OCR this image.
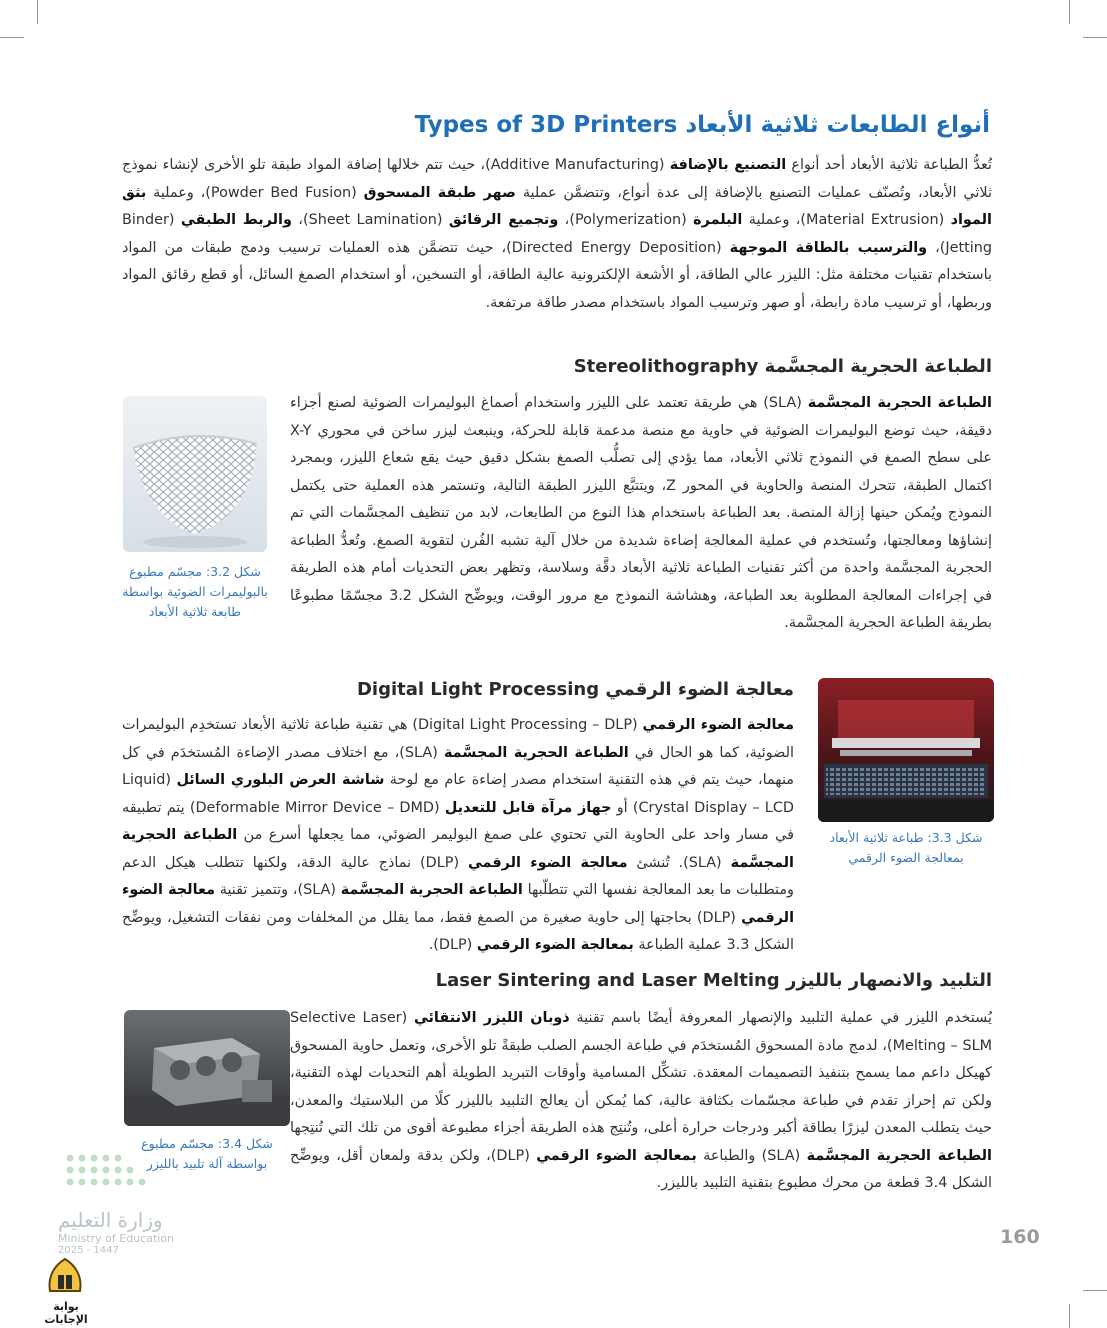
أنواع الطابعات ثلاثية الأبعاد Types of 3D Printers
تُعدُّ الطباعة ثلاثية الأبعاد أحد أنواع التصنيع بالإضافة (Additive Manufacturing)، حيث تتم خلالها إضافة المواد طبقة تلو الأخرى لإنشاء نموذج ثلاثي الأبعاد، وتُصنّف عمليات التصنيع بالإضافة إلى عدة أنواع، وتتضمَّن عملية صهر طبقة المسحوق (Powder Bed Fusion)، وعملية بثق المواد (Material Extrusion)، وعملية البلمرة (Polymerization)، وتجميع الرقائق (Sheet Lamination)، والربط الطبقي (Binder Jetting)، والترسيب بالطاقة الموجهة (Directed Energy Deposition)، حيث تتضمَّن هذه العمليات ترسيب ودمج طبقات من المواد باستخدام تقنيات مختلفة مثل: الليزر عالي الطاقة، أو الأشعة الإلكترونية عالية الطاقة، أو التسخين، أو استخدام الصمغ السائل، أو قطع رقائق المواد وربطها، أو ترسيب مادة رابطة، أو صهر وترسيب المواد باستخدام مصدر طاقة مرتفعة.
الطباعة الحجرية المجسَّمة Stereolithography
الطباعة الحجرية المجسَّمة (SLA) هي طريقة تعتمد على الليزر واستخدام أصماغ البوليمرات الضوئية لصنع أجزاء دقيقة، حيث توضع البوليمرات الضوئية في حاوية مع منصة مدعمة قابلة للحركة، وينبعث ليزر ساخن في محوري X-Y على سطح الصمغ في النموذج ثلاثي الأبعاد، مما يؤدي إلى تصلُّب الصمغ بشكل دقيق حيث يقع شعاع الليزر، وبمجرد اكتمال الطبقة، تتحرك المنصة والحاوية في المحور Z، ويتتبَّع الليزر الطبقة التالية، وتستمر هذه العملية حتى يكتمل النموذج ويُمكن حينها إزالة المنصة. بعد الطباعة باستخدام هذا النوع من الطابعات، لابد من تنظيف المجسَّمات التي تم إنشاؤها ومعالجتها، وتُستخدم في عملية المعالجة إضاءة شديدة من خلال آلية تشبه الفُرن لتقوية الصمغ. وتُعدُّ الطباعة الحجرية المجسَّمة واحدة من أكثر تقنيات الطباعة ثلاثية الأبعاد دقَّة وسلاسة، وتظهر بعض التحديات أمام هذه الطريقة في إجراءات المعالجة المطلوبة بعد الطباعة، وهشاشة النموذج مع مرور الوقت، ويوضِّح الشكل 3.2 مجسّمًا مطبوعًا بطريقة الطباعة الحجرية المجسَّمة.
شكل 3.2: مجسّم مطبوع بالبوليمرات الضوئية بواسطة طابعة ثلاثية الأبعاد
معالجة الضوء الرقمي Digital Light Processing
معالجة الضوء الرقمي (Digital Light Processing – DLP) هي تقنية طباعة ثلاثية الأبعاد تستخدِم البوليمرات الضوئية، كما هو الحال في الطباعة الحجرية المجسَّمة (SLA)، مع اختلاف مصدر الإضاءة المُستخدَم في كل منهما، حيث يتم في هذه التقنية استخدام مصدر إضاءة عام مع لوحة شاشة العرض البلوري السائل (Liquid Crystal Display – LCD) أو جهاز مرآة قابل للتعديل (Deformable Mirror Device – DMD) يتم تطبيقه في مسار واحد على الحاوية التي تحتوي على صمغ البوليمر الضوئي، مما يجعلها أسرع من الطباعة الحجرية المجسَّمة (SLA). تُنشئ معالجة الضوء الرقمي (DLP) نماذج عالية الدقة، ولكنها تتطلب هيكل الدعم ومتطلبات ما بعد المعالجة نفسها التي تتطلّبها الطباعة الحجرية المجسَّمة (SLA)، وتتميز تقنية معالجة الضوء الرقمي (DLP) بحاجتها إلى حاوية صغيرة من الصمغ فقط، مما يقلل من المخلفات ومن نفقات التشغيل، ويوضِّح الشكل 3.3 عملية الطباعة بمعالجة الضوء الرقمي (DLP).
شكل 3.3: طباعة ثلاثية الأبعاد بمعالجة الضوء الرقمي
التلبيد والانصهار بالليزر Laser Sintering and Laser Melting
يُستخدم الليزر في عملية التلبيد والإنصهار المعروفة أيضًا باسم تقنية ذوبان الليزر الانتقائي (Selective Laser Melting – SLM)، لدمج مادة المسحوق المُستخدَم في طباعة الجسم الصلب طبقةً تلو الأخرى، وتعمل حاوية المسحوق كهيكل داعم مما يسمح بتنفيذ التصميمات المعقدة. تشكِّل المسامية وأوقات التبريد الطويلة أهم التحديات لهذه التقنية، ولكن تم إحراز تقدم في طباعة مجسّمات بكثافة عالية، كما يُمكن أن يعالج التلبيد بالليزر كلًا من البلاستيك والمعدن، حيث يتطلب المعدن ليزرًا بطاقة أكبر ودرجات حرارة أعلى، وتُنتِج هذه الطريقة أجزاء مطبوعة أقوى من تلك التي تُنتِجها الطباعة الحجرية المجسَّمة (SLA) والطباعة بمعالجة الضوء الرقمي (DLP)، ولكن بدقة ولمعان أقل، ويوضِّح الشكل 3.4 قطعة من محرك مطبوع بتقنية التلبيد بالليزر.
شكل 3.4: مجسّم مطبوع بواسطة آلة تلبيد بالليزر
وزارة التعليم
Ministry of Education
2025 - 1447
160
بوابة الإجابات
